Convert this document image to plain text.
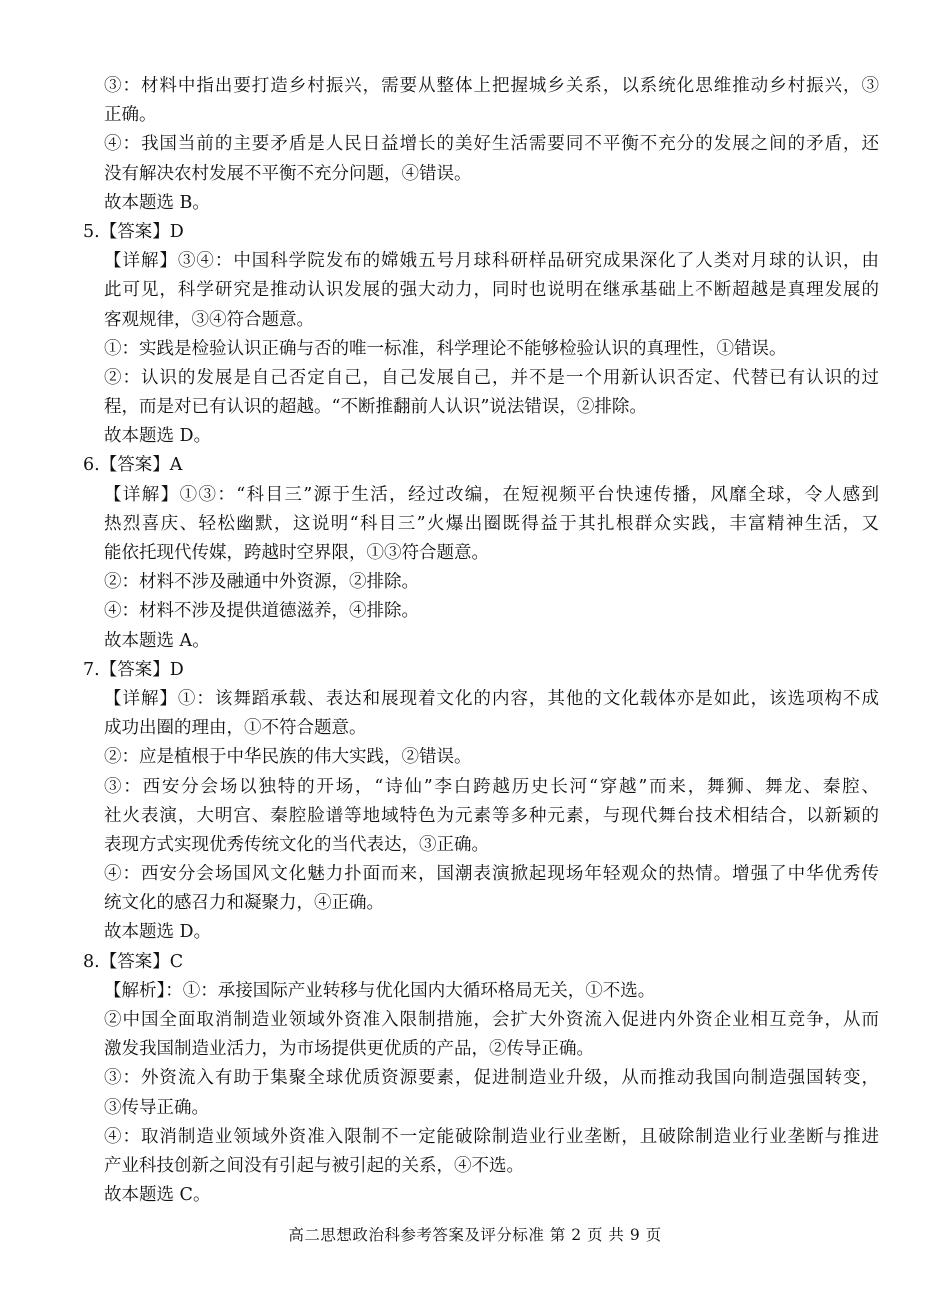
③：材料中指出要打造乡村振兴，需要从整体上把握城乡关系，以系统化思维推动乡村振兴，③
正确。
④：我国当前的主要矛盾是人民日益增长的美好生活需要同不平衡不充分的发展之间的矛盾，还
没有解决农村发展不平衡不充分问题，④错误。
故本题选 B。
5.【答案】D
【详解】③④：中国科学院发布的嫦娥五号月球科研样品研究成果深化了人类对月球的认识，由
此可见，科学研究是推动认识发展的强大动力，同时也说明在继承基础上不断超越是真理发展的
客观规律，③④符合题意。
①：实践是检验认识正确与否的唯一标准，科学理论不能够检验认识的真理性，①错误。
②：认识的发展是自己否定自己，自己发展自己，并不是一个用新认识否定、代替已有认识的过
程，而是对已有认识的超越。“不断推翻前人认识”说法错误，②排除。
故本题选 D。
6.【答案】A
【详解】①③：“科目三”源于生活，经过改编，在短视频平台快速传播，风靡全球，令人感到
热烈喜庆、轻松幽默，这说明“科目三”火爆出圈既得益于其扎根群众实践，丰富精神生活，又
能依托现代传媒，跨越时空界限，①③符合题意。
②：材料不涉及融通中外资源，②排除。
④：材料不涉及提供道德滋养，④排除。
故本题选 A。
7.【答案】D
【详解】①：该舞蹈承载、表达和展现着文化的内容，其他的文化载体亦是如此，该选项构不成
成功出圈的理由，①不符合题意。
②：应是植根于中华民族的伟大实践，②错误。
③：西安分会场以独特的开场，“诗仙”李白跨越历史长河“穿越”而来，舞狮、舞龙、秦腔、
社火表演，大明宫、秦腔脸谱等地域特色为元素等多种元素，与现代舞台技术相结合，以新颖的
表现方式实现优秀传统文化的当代表达，③正确。
④：西安分会场国风文化魅力扑面而来，国潮表演掀起现场年轻观众的热情。增强了中华优秀传
统文化的感召力和凝聚力，④正确。
故本题选 D。
8.【答案】C
【解析】：①：承接国际产业转移与优化国内大循环格局无关，①不选。
②中国全面取消制造业领域外资准入限制措施，会扩大外资流入促进内外资企业相互竞争，从而
激发我国制造业活力，为市场提供更优质的产品，②传导正确。
③：外资流入有助于集聚全球优质资源要素，促进制造业升级，从而推动我国向制造强国转变，
③传导正确。
④：取消制造业领域外资准入限制不一定能破除制造业行业垄断，且破除制造业行业垄断与推进
产业科技创新之间没有引起与被引起的关系，④不选。
故本题选 C。
高二思想政治科参考答案及评分标准 第 2 页 共 9 页
